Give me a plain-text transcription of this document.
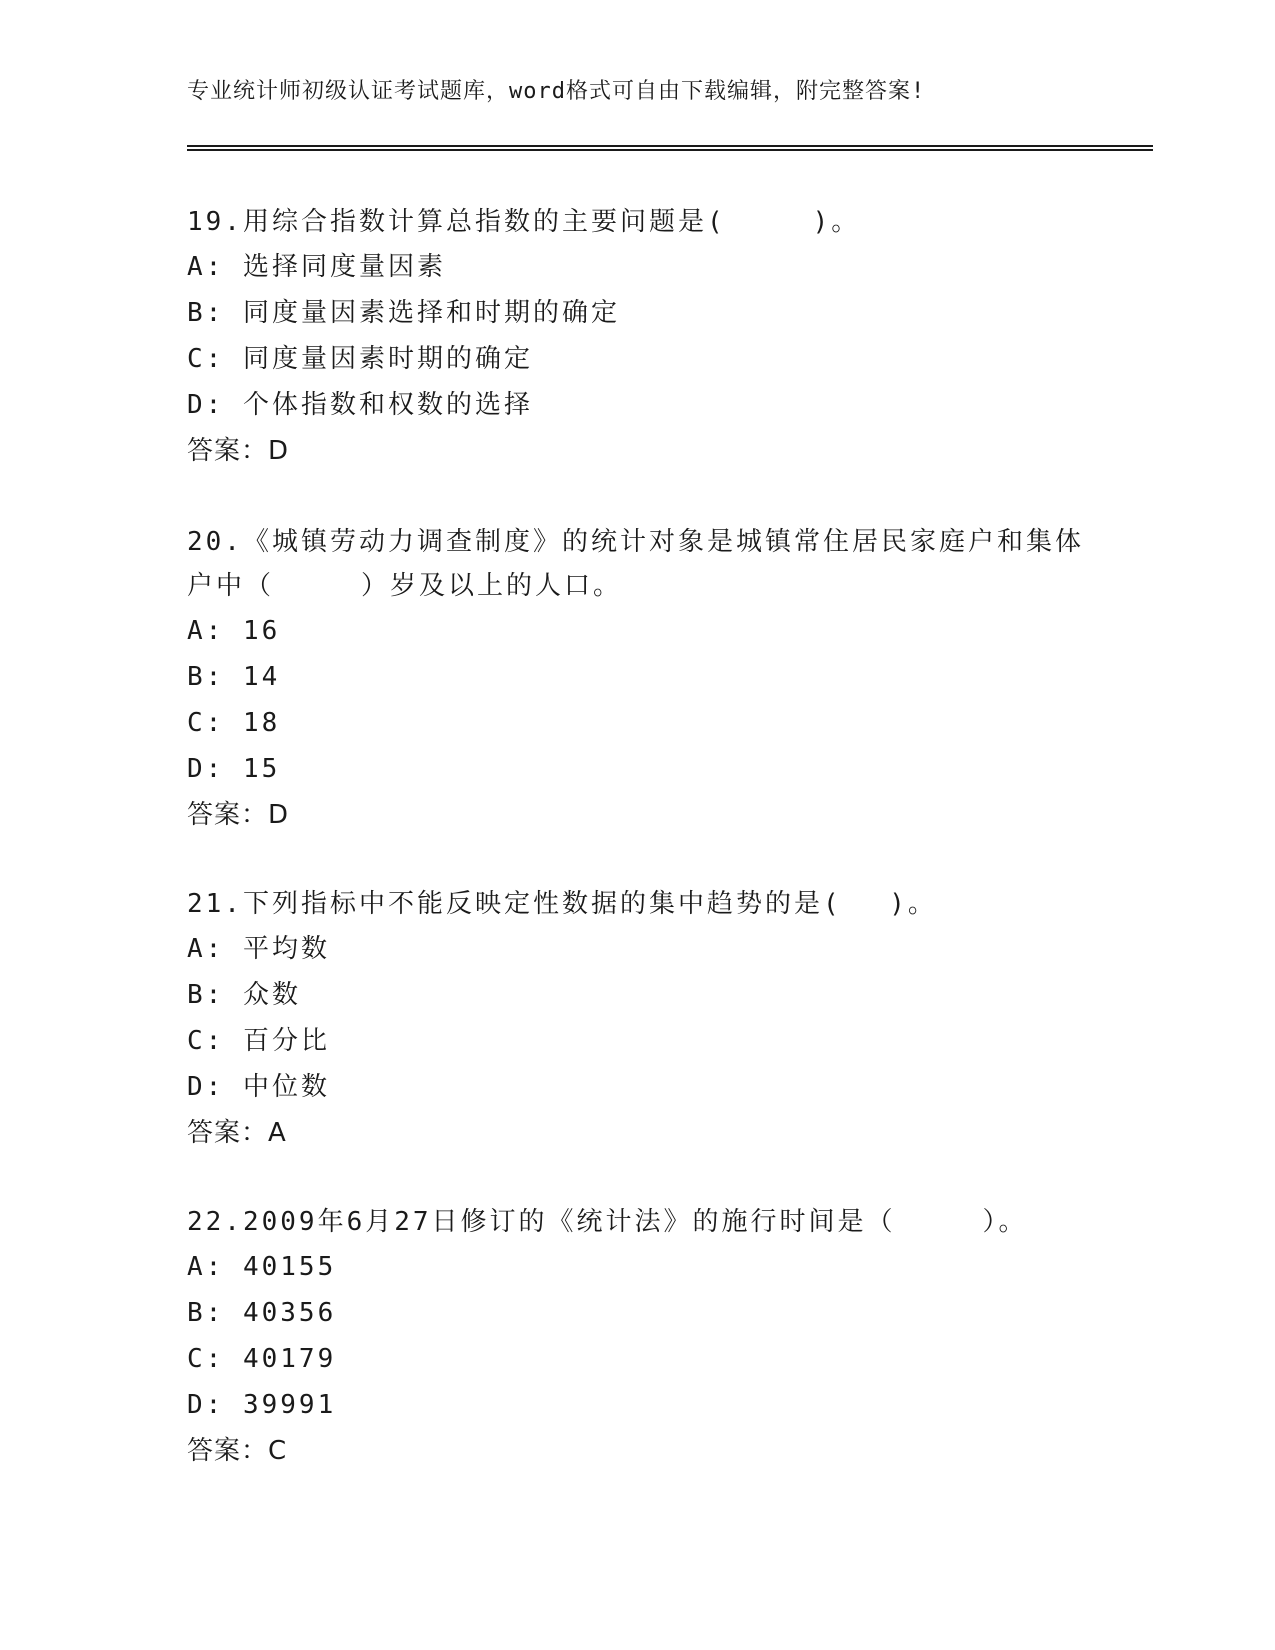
专业统计师初级认证考试题库，word格式可自由下载编辑，附完整答案!
19.用综合指数计算总指数的主要问题是(　　　)。
A: 选择同度量因素
B: 同度量因素选择和时期的确定
C: 同度量因素时期的确定
D: 个体指数和权数的选择
答案：D
20.《城镇劳动力调查制度》的统计对象是城镇常住居民家庭户和集体
户中（　　　）岁及以上的人口。
A: 16
B: 14
C: 18
D: 15
答案：D
21.下列指标中不能反映定性数据的集中趋势的是(　 )。
A: 平均数
B: 众数
C: 百分比
D: 中位数
答案：A
22.2009年6月27日修订的《统计法》的施行时间是（　　　）。
A: 40155
B: 40356
C: 40179
D: 39991
答案：C
